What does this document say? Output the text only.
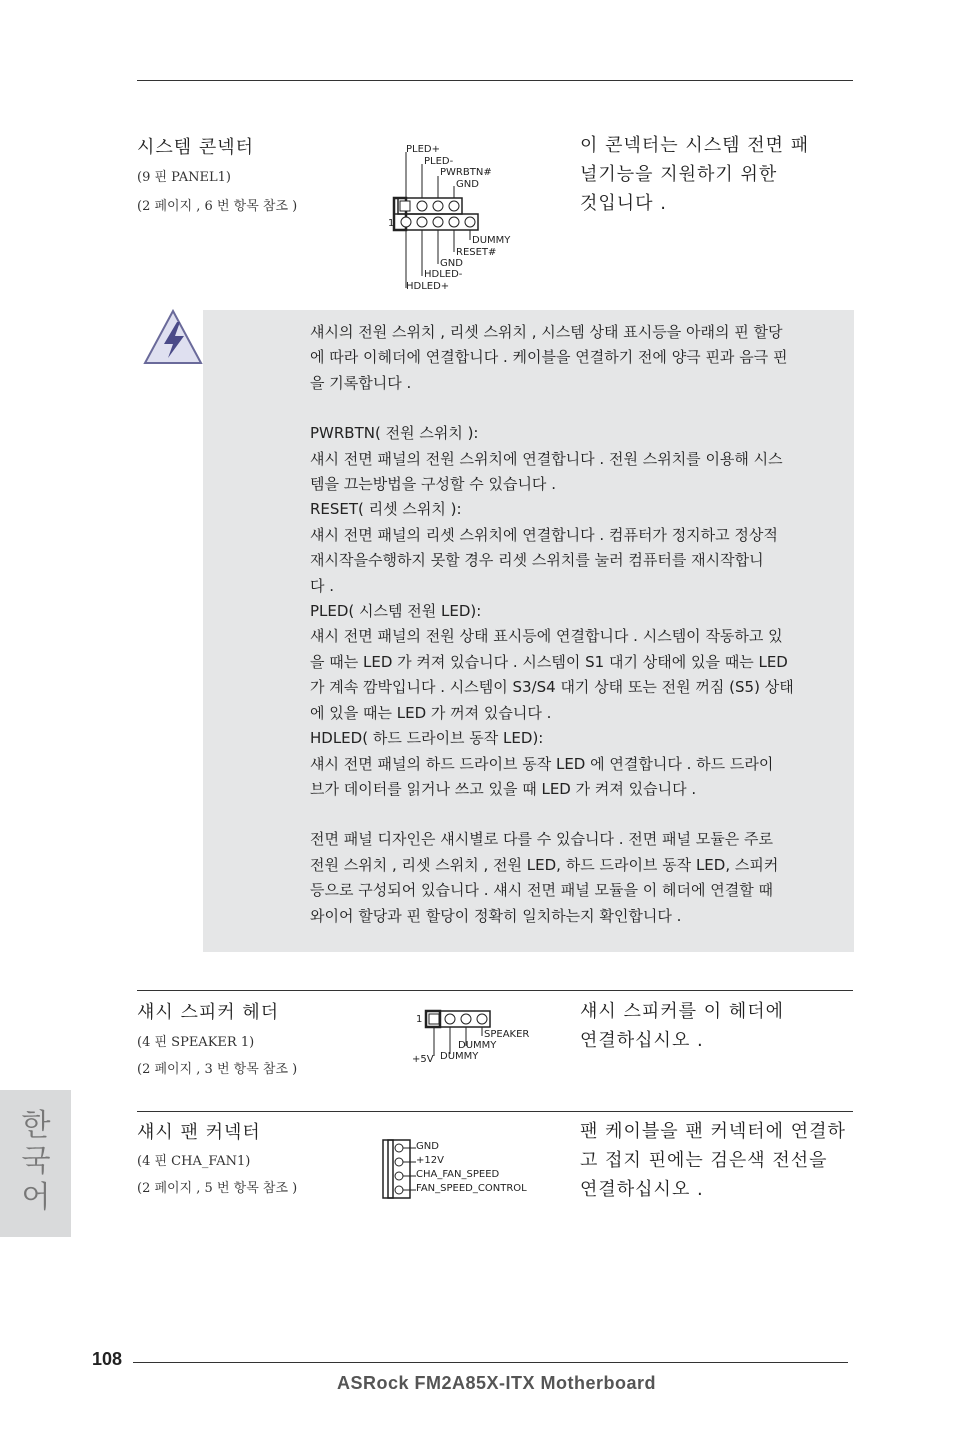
시스템 콘넥터
(9 핀 PANEL1)
(2 페이지 , 6 번 항목 참조 )
이 콘넥터는 시스템 전면 패
널기능을 지원하기 위한
것입니다 .
1
PLED+
PLED-
PWRBTN#
GND
DUMMY
RESET#
GND
HDLED-
HDLED+

섀시의 전원 스위치 , 리셋 스위치 , 시스템 상태 표시등을 아래의 핀 할당

에 따라 이헤더에 연결합니다 . 케이블을 연결하기 전에 양극 핀과 음극 핀

을 기록합니다 .

PWRBTN( 전원 스위치 ):

섀시 전면 패널의 전원 스위치에 연결합니다 . 전원 스위치를 이용해 시스

템을 끄는방법을 구성할 수 있습니다 .

RESET( 리셋 스위치 ):

섀시 전면 패널의 리셋 스위치에 연결합니다 . 컴퓨터가 정지하고 정상적

재시작을수행하지 못할 경우 리셋 스위치를 눌러 컴퓨터를 재시작합니

다 .

PLED( 시스템 전원 LED):

섀시 전면 패널의 전원 상태 표시등에 연결합니다 . 시스템이 작동하고 있

을 때는 LED 가 켜져 있습니다 . 시스템이 S1 대기 상태에 있을 때는 LED

가 계속 깜박입니다 . 시스템이 S3/S4 대기 상태 또는 전원 꺼짐 (S5) 상태

에 있을 때는 LED 가 꺼져 있습니다 .

HDLED( 하드 드라이브 동작 LED):

섀시 전면 패널의 하드 드라이브 동작 LED 에 연결합니다 . 하드 드라이

브가 데이터를 읽거나 쓰고 있을 때 LED 가 켜져 있습니다 .

전면 패널 디자인은 섀시별로 다를 수 있습니다 . 전면 패널 모듈은 주로

전원 스위치 , 리셋 스위치 , 전원 LED, 하드 드라이브 동작 LED, 스피커

등으로 구성되어 있습니다 . 섀시 전면 패널 모듈을 이 헤더에 연결할 때

와이어 할당과 핀 할당이 정확히 일치하는지 확인합니다 .

섀시 스피커 헤더
(4 핀 SPEAKER 1)
(2 페이지 , 3 번 항목 참조 )
섀시 스피커를 이 헤더에
연결하십시오 .
1
SPEAKER
DUMMY
+5V DUMMY
섀시 팬 커넥터
(4 핀 CHA_FAN1)
(2 페이지 , 5 번 항목 참조 )
팬 케이블을 팬 커넥터에 연결하
고 접지 핀에는 검은색 전선을
연결하십시오 .
GND
+12V
CHA_FAN_SPEED
FAN_SPEED_CONTROL
한
국
어
108
ASRock FM2A85X-ITX Motherboard
